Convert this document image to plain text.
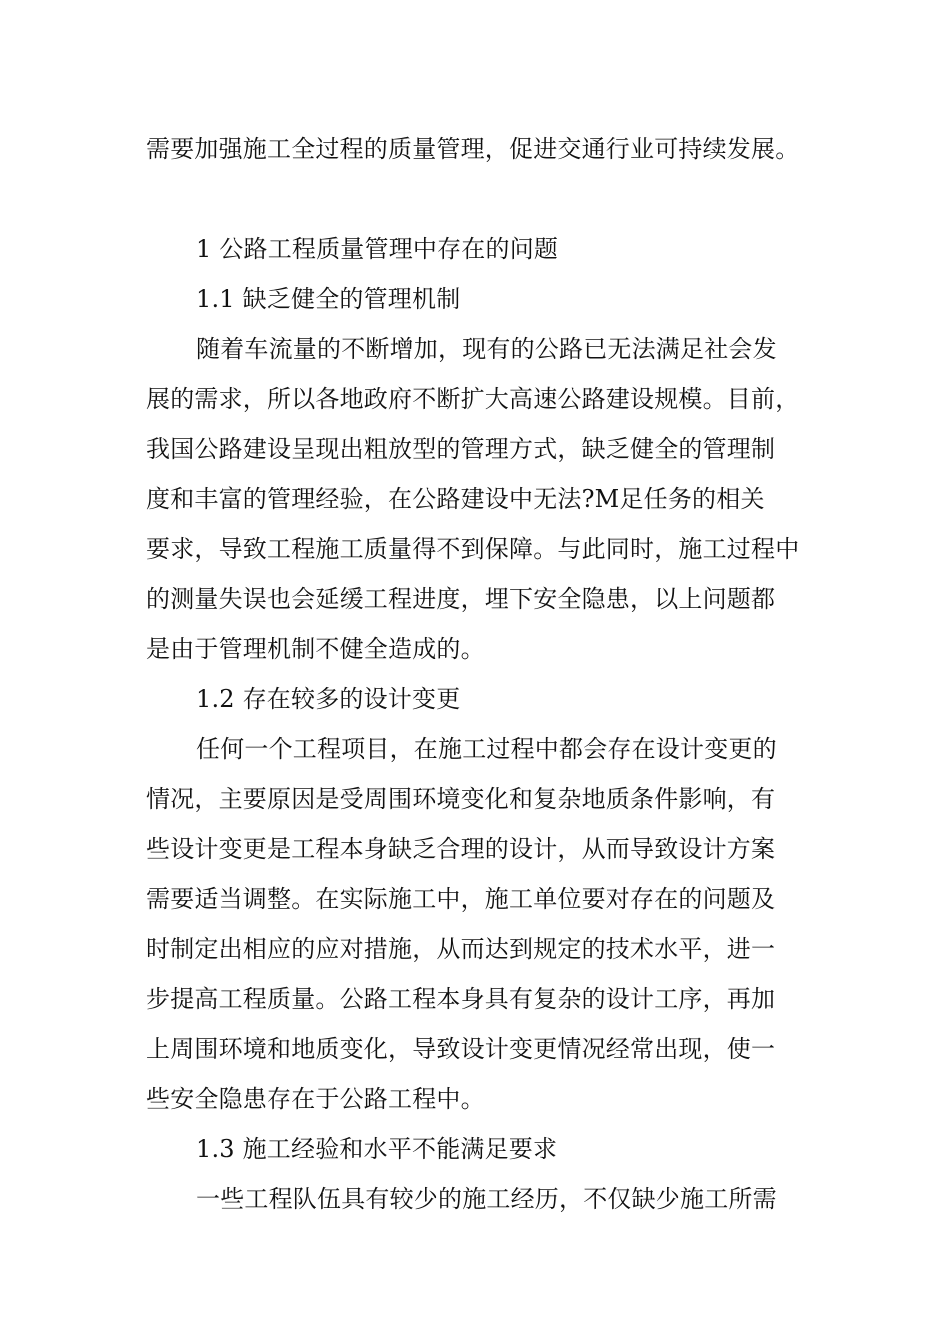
需要加强施工全过程的质量管理，促进交通行业可持续发展。
1 公路工程质量管理中存在的问题
1.1 缺乏健全的管理机制
随着车流量的不断增加，现有的公路已无法满足社会发
展的需求，所以各地政府不断扩大高速公路建设规模。目前，
我国公路建设呈现出粗放型的管理方式，缺乏健全的管理制
度和丰富的管理经验，在公路建设中无法?M足任务的相关
要求，导致工程施工质量得不到保障。与此同时，施工过程中
的测量失误也会延缓工程进度，埋下安全隐患，以上问题都
是由于管理机制不健全造成的。
1.2 存在较多的设计变更
任何一个工程项目，在施工过程中都会存在设计变更的
情况，主要原因是受周围环境变化和复杂地质条件影响，有
些设计变更是工程本身缺乏合理的设计，从而导致设计方案
需要适当调整。在实际施工中，施工单位要对存在的问题及
时制定出相应的应对措施，从而达到规定的技术水平，进一
步提高工程质量。公路工程本身具有复杂的设计工序，再加
上周围环境和地质变化，导致设计变更情况经常出现，使一
些安全隐患存在于公路工程中。
1.3 施工经验和水平不能满足要求
一些工程队伍具有较少的施工经历，不仅缺少施工所需
